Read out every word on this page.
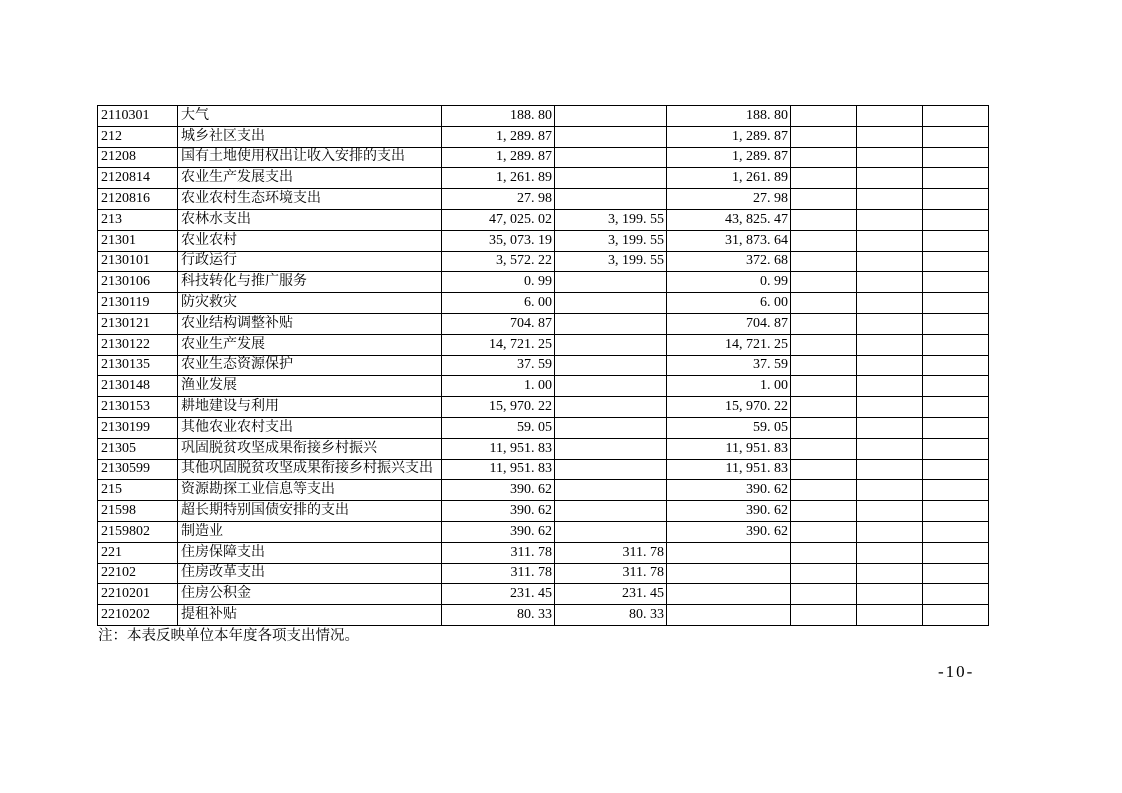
2110301	大气	188. 80		188. 80			
212	城乡社区支出	1, 289. 87		1, 289. 87			
21208	国有土地使用权出让收入安排的支出	1, 289. 87		1, 289. 87			
2120814	农业生产发展支出	1, 261. 89		1, 261. 89			
2120816	农业农村生态环境支出	27. 98		27. 98			
213	农林水支出	47, 025. 02	3, 199. 55	43, 825. 47			
21301	农业农村	35, 073. 19	3, 199. 55	31, 873. 64			
2130101	行政运行	3, 572. 22	3, 199. 55	372. 68			
2130106	科技转化与推广服务	0. 99		0. 99			
2130119	防灾救灾	6. 00		6. 00			
2130121	农业结构调整补贴	704. 87		704. 87			
2130122	农业生产发展	14, 721. 25		14, 721. 25			
2130135	农业生态资源保护	37. 59		37. 59			
2130148	渔业发展	1. 00		1. 00			
2130153	耕地建设与利用	15, 970. 22		15, 970. 22			
2130199	其他农业农村支出	59. 05		59. 05			
21305	巩固脱贫攻坚成果衔接乡村振兴	11, 951. 83		11, 951. 83			
2130599	其他巩固脱贫攻坚成果衔接乡村振兴支出	11, 951. 83		11, 951. 83			
215	资源勘探工业信息等支出	390. 62		390. 62			
21598	超长期特别国债安排的支出	390. 62		390. 62			
2159802	制造业	390. 62		390. 62			
221	住房保障支出	311. 78	311. 78				
22102	住房改革支出	311. 78	311. 78				
2210201	住房公积金	231. 45	231. 45				
2210202	提租补贴	80. 33	80. 33				
注：本表反映单位本年度各项支出情况。
-10-
